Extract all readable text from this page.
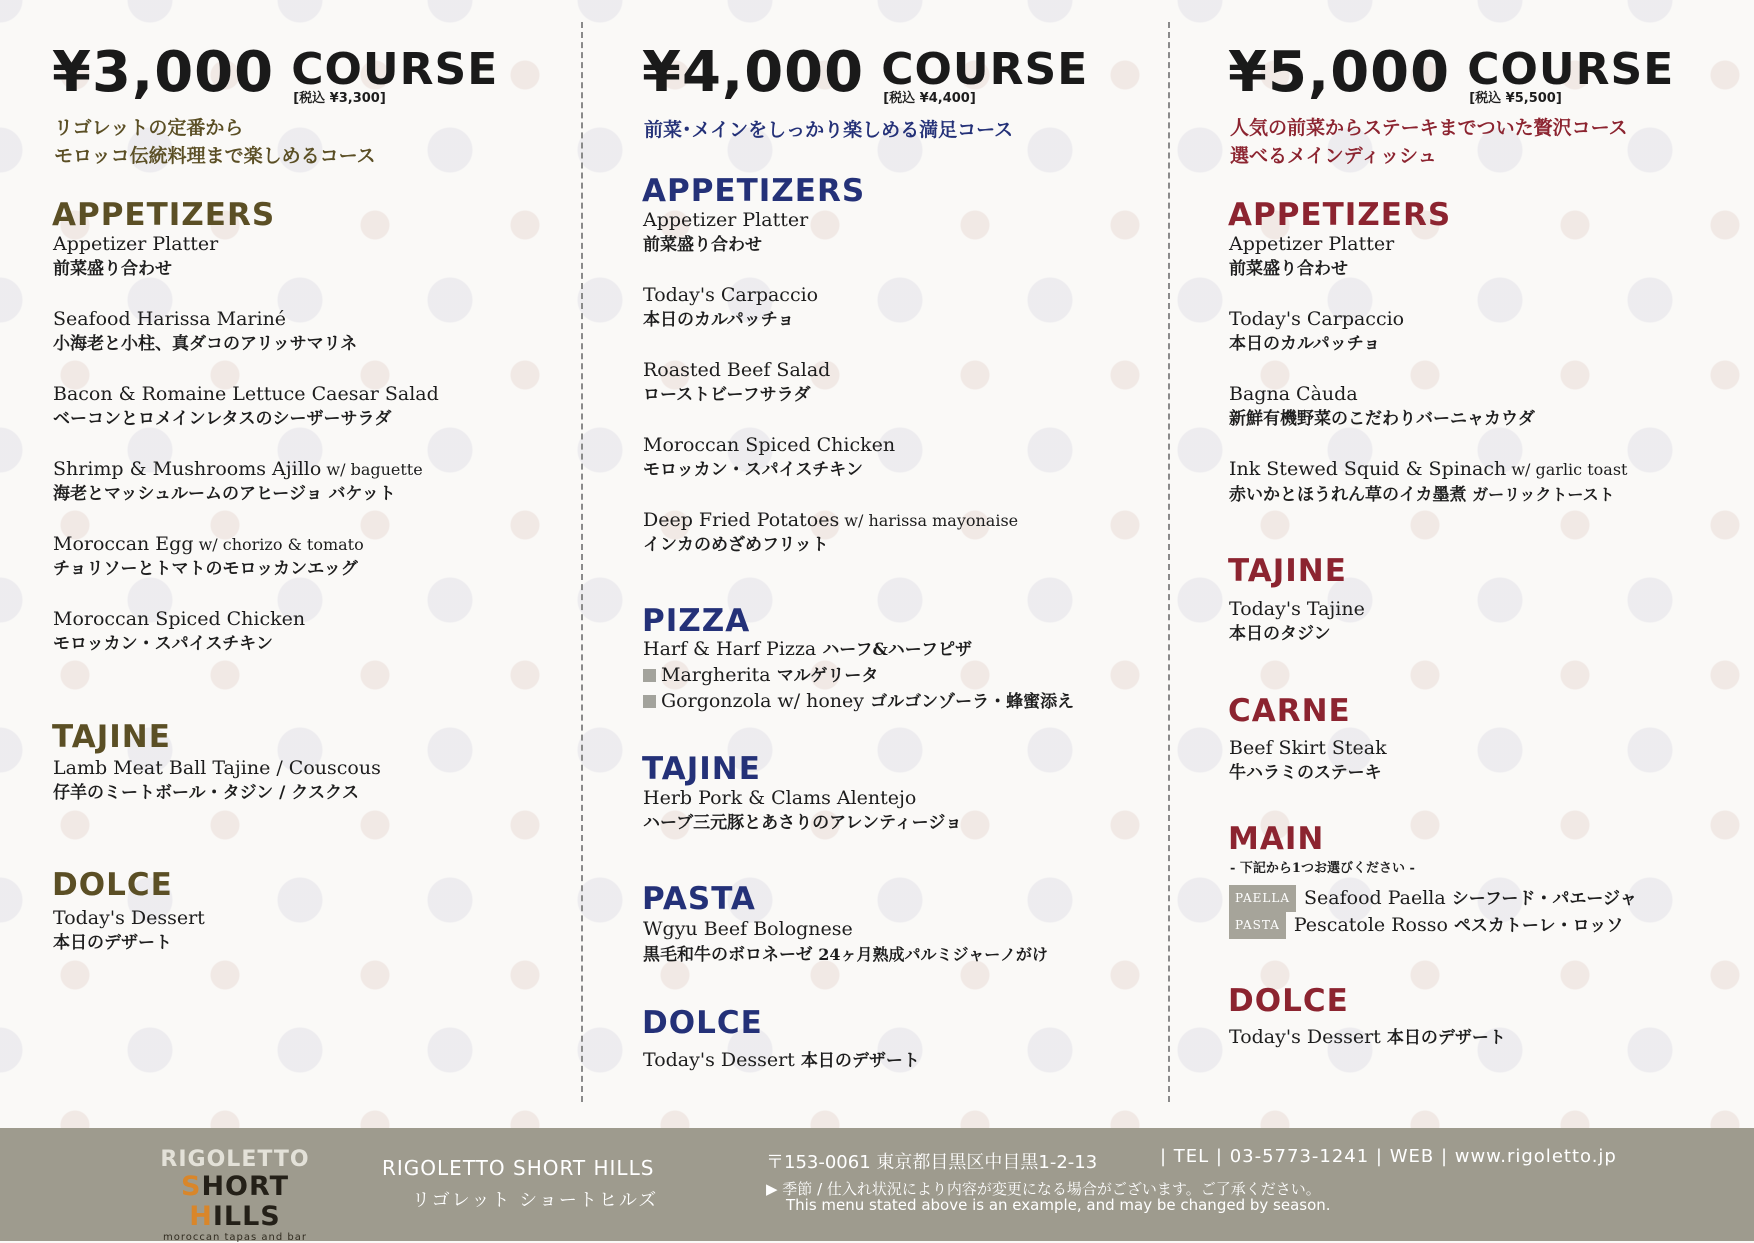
¥3,000 COURSE
[税込 ¥3,300]
リゴレットの定番から
モロッコ伝統料理まで楽しめるコース
APPETIZERS
Appetizer Platter
前菜盛り合わせ
Seafood Harissa Mariné
小海老と小柱、真ダコのアリッサマリネ
Bacon & Romaine Lettuce Caesar Salad
ベーコンとロメインレタスのシーザーサラダ
Shrimp & Mushrooms Ajillo w/ baguette
海老とマッシュルームのアヒージョ バケット
Moroccan Egg w/ chorizo & tomato
チョリソーとトマトのモロッカンエッグ
Moroccan Spiced Chicken
モロッカン・スパイスチキン
TAJINE
Lamb Meat Ball Tajine / Couscous
仔羊のミートボール・タジン / クスクス
DOLCE
Today's Dessert
本日のデザート
¥4,000 COURSE
[税込 ¥4,400]
前菜･メインをしっかり楽しめる満足コース
APPETIZERS
Appetizer Platter
前菜盛り合わせ
Today's Carpaccio
本日のカルパッチョ
Roasted Beef Salad
ローストビーフサラダ
Moroccan Spiced Chicken
モロッカン・スパイスチキン
Deep Fried Potatoes w/ harissa mayonaise
インカのめざめフリット
PIZZA
Harf & Harf Pizza ハーフ&ハーフピザ
Margherita マルゲリータ
Gorgonzola w/ honey ゴルゴンゾーラ・蜂蜜添え
TAJINE
Herb Pork & Clams Alentejo
ハーブ三元豚とあさりのアレンティージョ
PASTA
Wgyu Beef Bolognese
黒毛和牛のボロネーゼ 24ヶ月熟成パルミジャーノがけ
DOLCE
Today's Dessert 本日のデザート
¥5,000 COURSE
[税込 ¥5,500]
人気の前菜からステーキまでついた贅沢コース
選べるメインディッシュ
APPETIZERS
Appetizer Platter
前菜盛り合わせ
Today's Carpaccio
本日のカルパッチョ
Bagna Càuda
新鮮有機野菜のこだわりバーニャカウダ
Ink Stewed Squid & Spinach w/ garlic toast
赤いかとほうれん草のイカ墨煮 ガーリックトースト
TAJINE
Today's Tajine
本日のタジン
CARNE
Beef Skirt Steak
牛ハラミのステーキ
MAIN
- 下記から1つお選びください -
PAELLA Seafood Paella シーフード・パエージャ
PASTA Pescatole Rosso ペスカトーレ・ロッソ
DOLCE
Today's Dessert 本日のデザート
RIGOLETTO
SHORT HILLS
moroccan tapas and bar
RIGOLETTO SHORT HILLS
リゴレット ショートヒルズ
〒153-0061 東京都目黒区中目黒1-2-13	| TEL | 03-5773-1241 | WEB | www.rigoletto.jp
▶ 季節 / 仕入れ状況により内容が変更になる場合がございます。ご了承ください。
This menu stated above is an example, and may be changed by season.
